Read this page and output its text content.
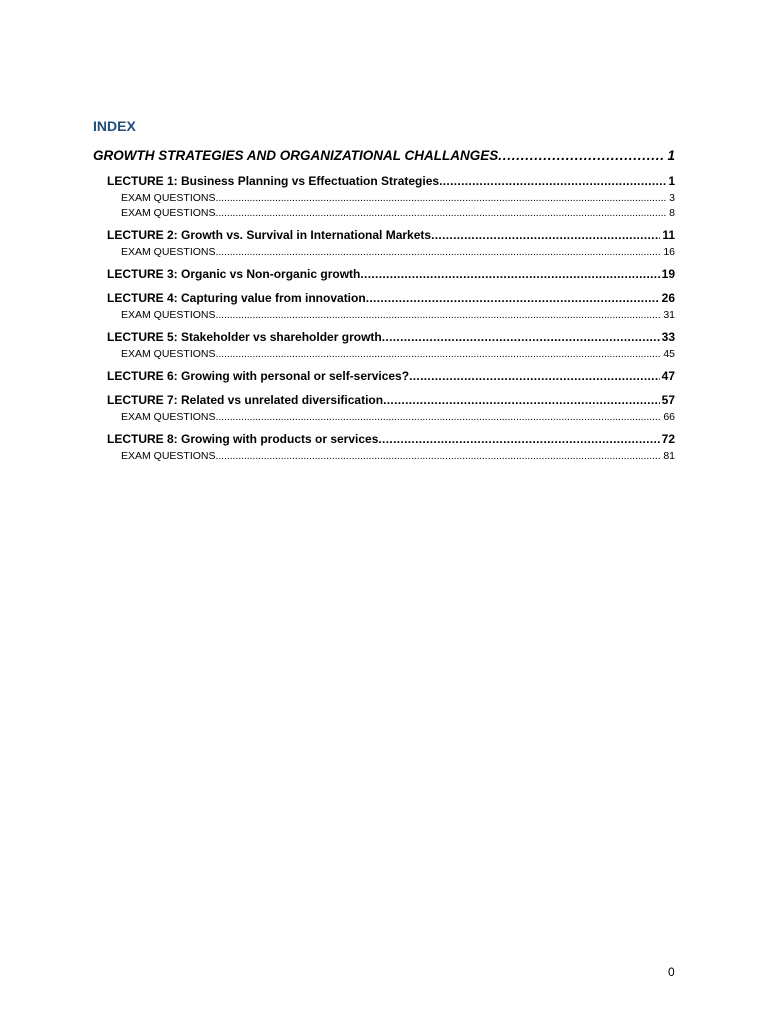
INDEX
GROWTH STRATEGIES AND ORGANIZATIONAL CHALLANGES . . .	1
LECTURE 1: Business Planning vs Effectuation Strategies . . .	1
EXAM QUESTIONS . . .	3
EXAM QUESTIONS . . .	8
LECTURE 2: Growth vs. Survival in International Markets . . .	11
EXAM QUESTIONS . . .	16
LECTURE 3: Organic vs Non-organic growth . . .	19
LECTURE 4: Capturing value from innovation . . .	26
EXAM QUESTIONS . . .	31
LECTURE 5: Stakeholder vs shareholder growth . . .	33
EXAM QUESTIONS . . .	45
LECTURE 6: Growing with personal or self-services? . . .	47
LECTURE 7: Related vs unrelated diversification . . .	57
EXAM QUESTIONS . . .	66
LECTURE 8: Growing with products or services . . .	72
EXAM QUESTIONS . . .	81

0
